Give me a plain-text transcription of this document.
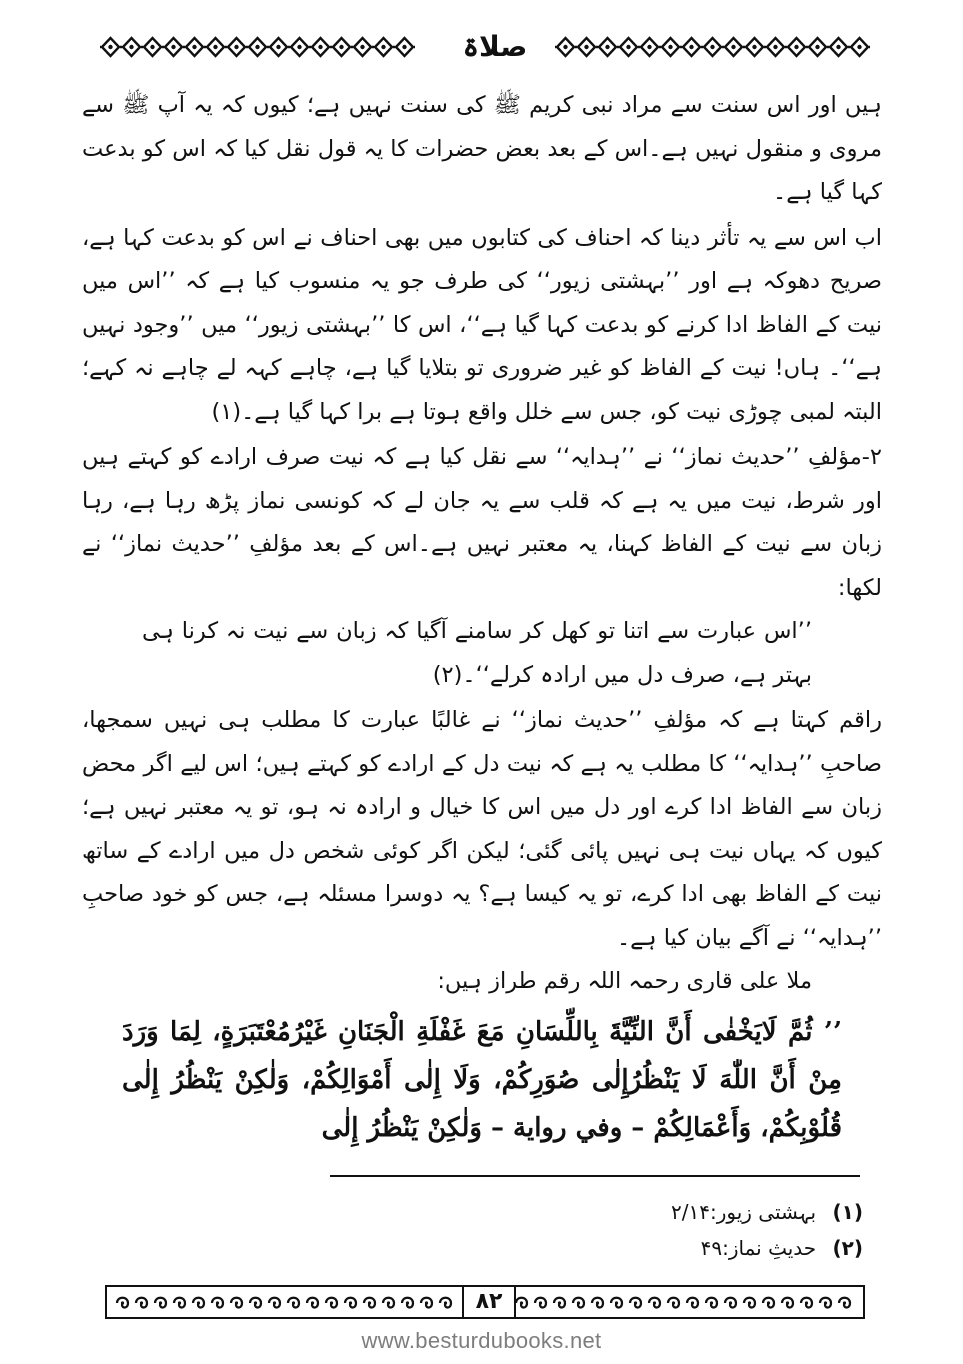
صلاۃ

ہیں اور اس سنت سے مراد نبی کریم ﷺ کی سنت نہیں ہے؛ کیوں کہ یہ آپ ﷺ سے مروی و منقول نہیں ہے۔اس کے بعد بعض حضرات کا یہ قول نقل کیا کہ اس کو بدعت کہا گیا ہے۔

اب اس سے یہ تأثر دینا کہ احناف کی کتابوں میں بھی احناف نے اس کو بدعت کہا ہے، صریح دھوکہ ہے اور ’’بہشتی زیور‘‘ کی طرف جو یہ منسوب کیا ہے کہ ’’اس میں نیت کے الفاظ ادا کرنے کو بدعت کہا گیا ہے‘‘، اس کا ’’بہشتی زیور‘‘ میں ’’وجود نہیں ہے‘‘۔ ہاں! نیت کے الفاظ کو غیر ضروری تو بتلایا گیا ہے، چاہے کہہ لے چاہے نہ کہے؛ البتہ لمبی چوڑی نیت کو، جس سے خلل واقع ہوتا ہے برا کہا گیا ہے۔(۱)

۲-مؤلفِ ’’حدیث نماز‘‘ نے ’’ہدایہ‘‘ سے نقل کیا ہے کہ نیت صرف ارادے کو کہتے ہیں اور شرط، نیت میں یہ ہے کہ قلب سے یہ جان لے کہ کونسی نماز پڑھ رہا ہے، رہا زبان سے نیت کے الفاظ کہنا، یہ معتبر نہیں ہے۔اس کے بعد مؤلفِ ’’حدیث نماز‘‘ نے لکھا:

’’اس عبارت سے اتنا تو کھل کر سامنے آگیا کہ زبان سے نیت نہ کرنا ہی بہتر ہے، صرف دل میں ارادہ کرلے‘‘۔(۲)

راقم کہتا ہے کہ مؤلفِ ’’حدیث نماز‘‘ نے غالبًا عبارت کا مطلب ہی نہیں سمجھا، صاحبِ ’’ہدایہ‘‘ کا مطلب یہ ہے کہ نیت دل کے ارادے کو کہتے ہیں؛ اس لیے اگر محض زبان سے الفاظ ادا کرے اور دل میں اس کا خیال و ارادہ نہ ہو، تو یہ معتبر نہیں ہے؛ کیوں کہ یہاں نیت ہی نہیں پائی گئی؛ لیکن اگر کوئی شخص دل میں ارادے کے ساتھ نیت کے الفاظ بھی ادا کرے، تو یہ کیسا ہے؟ یہ دوسرا مسئلہ ہے، جس کو خود صاحبِ ’’ہدایہ‘‘ نے آگے بیان کیا ہے۔

ملا علی قاری رحمہ اللہ رقم طراز ہیں:

’’ ثُمَّ لَایَخْفٰی أَنَّ النِّیَّةَ بِاللِّسَانِ مَعَ غَفْلَةِ الْجَنَانِ غَیْرُمُعْتَبَرَةٍ، لِمَا وَرَدَ مِنْ أَنَّ اللّٰهَ لَا یَنْظُرُإِلٰی صُوَرِکُمْ، وَلَا إِلٰی أَمْوَالِکُمْ، وَلٰکِنْ یَنْظُرُ إِلٰی قُلُوْبِکُمْ، وَأَعْمَالِکُمْ – وفي روایة – وَلٰکِنْ یَنْظُرُ إِلٰی

(۱) بہشتی زیور:۲/۱۴

(۲) حدیثِ نماز:۴۹

۸۲
www.besturdubooks.net
